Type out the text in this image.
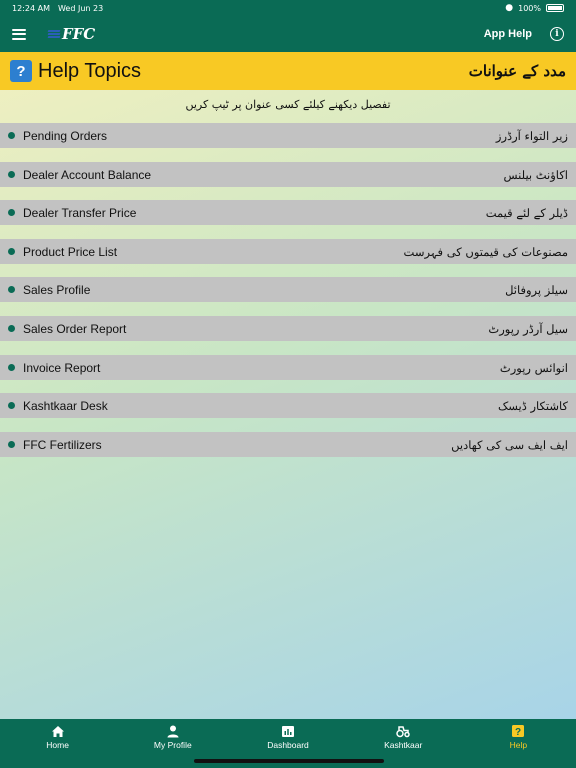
12:24 AM Wed Jun 23	● 100%
FFC	App Help	i
? Help Topics	مدد کے عنوانات
تفصیل دیکھنے کیلئے کسی عنوان پر ٹیپ کریں
Pending Orders	زیر التواء آرڈرز
Dealer Account Balance	اکاؤنٹ بیلنس
Dealer Transfer Price	ڈیلر کے لئے قیمت
Product Price List	مصنوعات کی قیمتوں کی فہرست
Sales Profile	سیلز پروفائل
Sales Order Report	سیل آرڈر رپورٹ
Invoice Report	انوائس رپورٹ
Kashtkaar Desk	کاشتکار ڈیسک
FFC Fertilizers	ایف ایف سی کی کھادیں
Home	My Profile	Dashboard	Kashtkaar
?
Help
